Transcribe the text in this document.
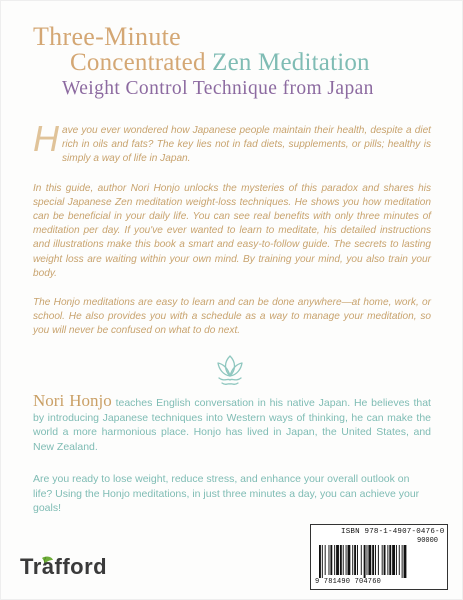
Three-Minute
Concentrated Zen Meditation
Weight Control Technique from Japan

Have you ever wondered how Japanese people maintain their health, despite a diet rich in oils and fats? The key lies not in fad diets, supplements, or pills; healthy is simply a way of life in Japan.

In this guide, author Nori Honjo unlocks the mysteries of this paradox and shares his special Japanese Zen meditation weight-loss techniques. He shows you how meditation can be beneficial in your daily life. You can see real benefits with only three minutes of meditation per day. If you've ever wanted to learn to meditate, his detailed instructions and illustrations make this book a smart and easy-to-follow guide. The secrets to lasting weight loss are waiting within your own mind. By training your mind, you also train your body.

The Honjo meditations are easy to learn and can be done anywhere—at home, work, or school. He also provides you with a schedule as a way to manage your meditation, so you will never be confused on what to do next.

Nori Honjo teaches English conversation in his native Japan. He believes that by introducing Japanese techniques into Western ways of thinking, he can make the world a more harmonious place. Honjo has lived in Japan, the United States, and New Zealand.
Are you ready to lose weight, reduce stress, and enhance your overall outlook on life? Using the Honjo meditations, in just three minutes a day, you can achieve your goals!
ISBN 978-1-4907-0476-0
90000
9 781490 704760
Trafford
